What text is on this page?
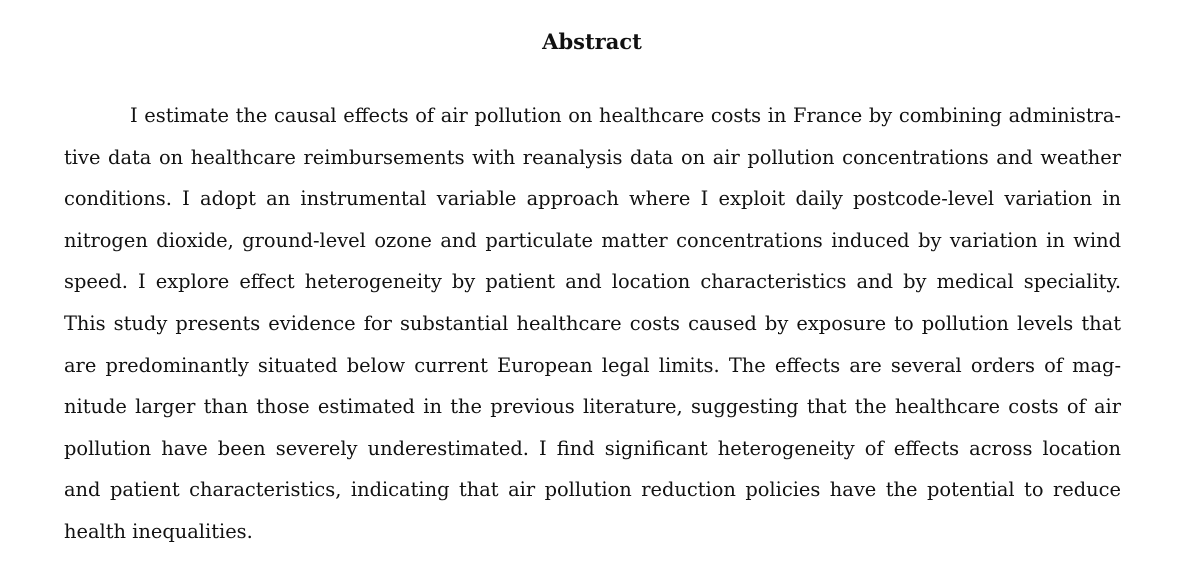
Abstract
I estimate the causal effects of air pollution on healthcare costs in France by combining administra-
tive data on healthcare reimbursements with reanalysis data on air pollution concentrations and weather
conditions. I adopt an instrumental variable approach where I exploit daily postcode-level variation in
nitrogen dioxide, ground-level ozone and particulate matter concentrations induced by variation in wind
speed. I explore effect heterogeneity by patient and location characteristics and by medical speciality.
This study presents evidence for substantial healthcare costs caused by exposure to pollution levels that
are predominantly situated below current European legal limits. The effects are several orders of mag-
nitude larger than those estimated in the previous literature, suggesting that the healthcare costs of air
pollution have been severely underestimated. I find significant heterogeneity of effects across location
and patient characteristics, indicating that air pollution reduction policies have the potential to reduce
health inequalities.
